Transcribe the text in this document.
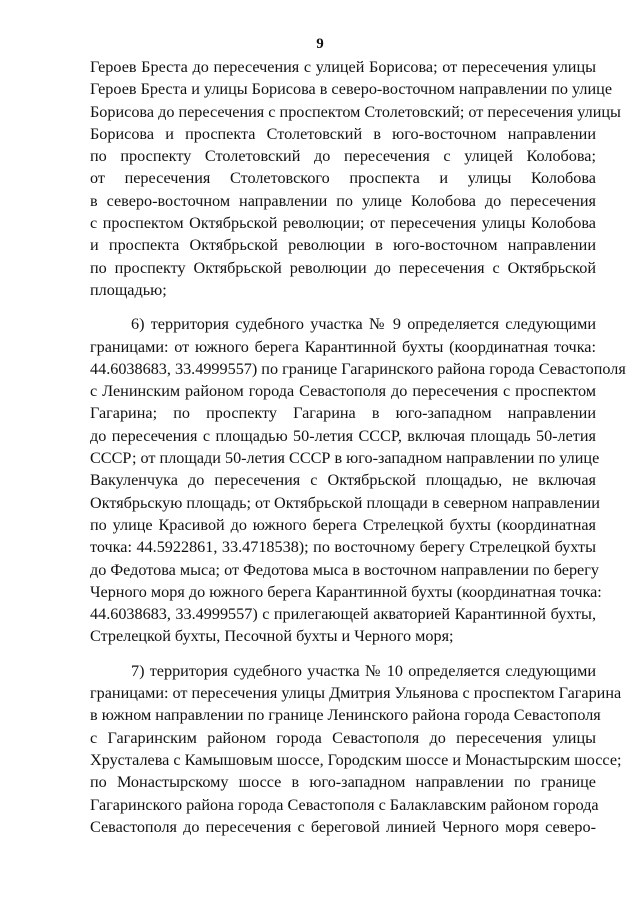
9
Героев Бреста до пересечения с улицей Борисова; от пересечения улицы
Героев Бреста и улицы Борисова в северо-восточном направлении по улице
Борисова до пересечения с проспектом Столетовский; от пересечения улицы
Борисова и проспекта Столетовский в юго-восточном направлении
по проспекту Столетовский до пересечения с улицей Колобова;
от пересечения Столетовского проспекта и улицы Колобова
в северо-восточном направлении по улице Колобова до пересечения
с проспектом Октябрьской революции; от пересечения улицы Колобова
и проспекта Октябрьской революции в юго-восточном направлении
по проспекту Октябрьской революции до пересечения с Октябрьской
площадью;
6) территория судебного участка № 9 определяется следующими
границами: от южного берега Карантинной бухты (координатная точка:
44.6038683, 33.4999557) по границе Гагаринского района города Севастополя
с Ленинским районом города Севастополя до пересечения с проспектом
Гагарина; по проспекту Гагарина в юго-западном направлении
до пересечения с площадью 50-летия СССР, включая площадь 50-летия
СССР; от площади 50-летия СССР в юго-западном направлении по улице
Вакуленчука до пересечения с Октябрьской площадью, не включая
Октябрьскую площадь; от Октябрьской площади в северном направлении
по улице Красивой до южного берега Стрелецкой бухты (координатная
точка: 44.5922861, 33.4718538); по восточному берегу Стрелецкой бухты
до Федотова мыса; от Федотова мыса в восточном направлении по берегу
Черного моря до южного берега Карантинной бухты (координатная точка:
44.6038683, 33.4999557) с прилегающей акваторией Карантинной бухты,
Стрелецкой бухты, Песочной бухты и Черного моря;
7) территория судебного участка № 10 определяется следующими
границами: от пересечения улицы Дмитрия Ульянова с проспектом Гагарина
в южном направлении по границе Ленинского района города Севастополя
с Гагаринским районом города Севастополя до пересечения улицы
Хрусталева с Камышовым шоссе, Городским шоссе и Монастырским шоссе;
по Монастырскому шоссе в юго-западном направлении по границе
Гагаринского района города Севастополя с Балаклавским районом города
Севастополя до пересечения с береговой линией Черного моря северо-
